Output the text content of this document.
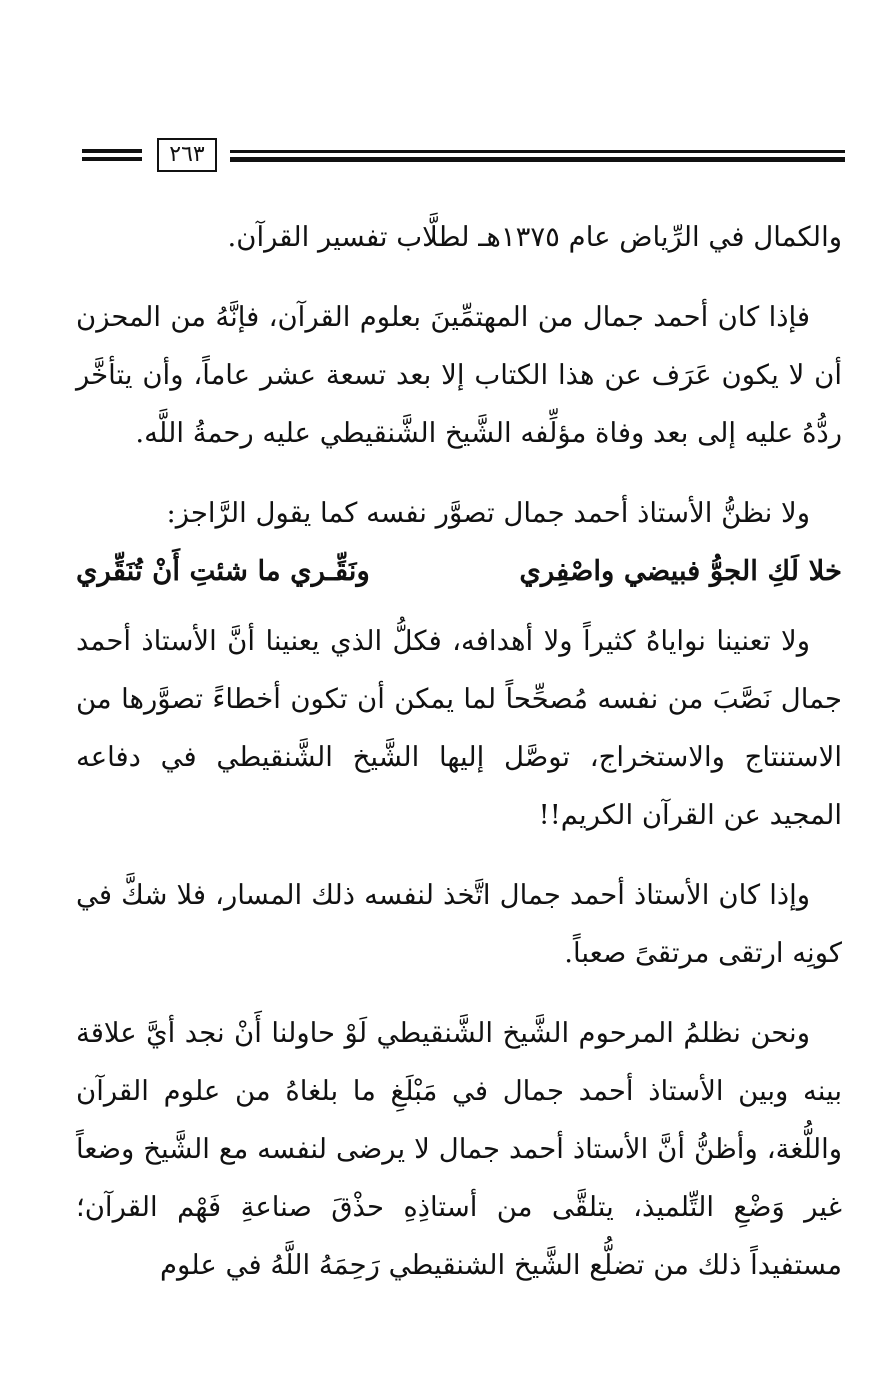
٢٦٣

والكمال في الرِّياض عام ١٣٧٥هـ لطلَّاب تفسير القرآن.

فإذا كان أحمد جمال من المهتمِّينَ بعلوم القرآن، فإنَّهُ من المحزن أن لا يكون عَرَف عن هذا الكتاب إلا بعد تسعة عشر عاماً، وأن يتأخَّر ردُّهُ عليه إلى بعد وفاة مؤلِّفه الشَّيخ الشَّنقيطي عليه رحمةُ اللَّه.

ولا نظنُّ الأستاذ أحمد جمال تصوَّر نفسه كما يقول الرَّاجز:

خلا لَكِ الجوُّ فبيضي واصْفِري
ونَقِّـري ما شئتِ أَنْ تُنَقِّري

ولا تعنينا نواياهُ كثيراً ولا أهدافه، فكلُّ الذي يعنينا أنَّ الأستاذ أحمد جمال نَصَّبَ من نفسه مُصحِّحاً لما يمكن أن تكون أخطاءً تصوَّرها من الاستنتاج والاستخراج، توصَّل إليها الشَّيخ الشَّنقيطي في دفاعه المجيد عن القرآن الكريم!!

وإذا كان الأستاذ أحمد جمال اتَّخذ لنفسه ذلك المسار، فلا شكَّ في كونِه ارتقى مرتقىً صعباً.

ونحن نظلمُ المرحوم الشَّيخ الشَّنقيطي لَوْ حاولنا أَنْ نجد أيَّ علاقة بينه وبين الأستاذ أحمد جمال في مَبْلَغِ ما بلغاهُ من علوم القرآن واللُّغة، وأظنُّ أنَّ الأستاذ أحمد جمال لا يرضى لنفسه مع الشَّيخ وضعاً غير وَضْعِ التِّلميذ، يتلقَّى من أستاذِهِ حذْقَ صناعةِ فَهْم القرآن؛ مستفيداً ذلك من تضلُّع الشَّيخ الشنقيطي رَحِمَهُ اللَّهُ في علوم
